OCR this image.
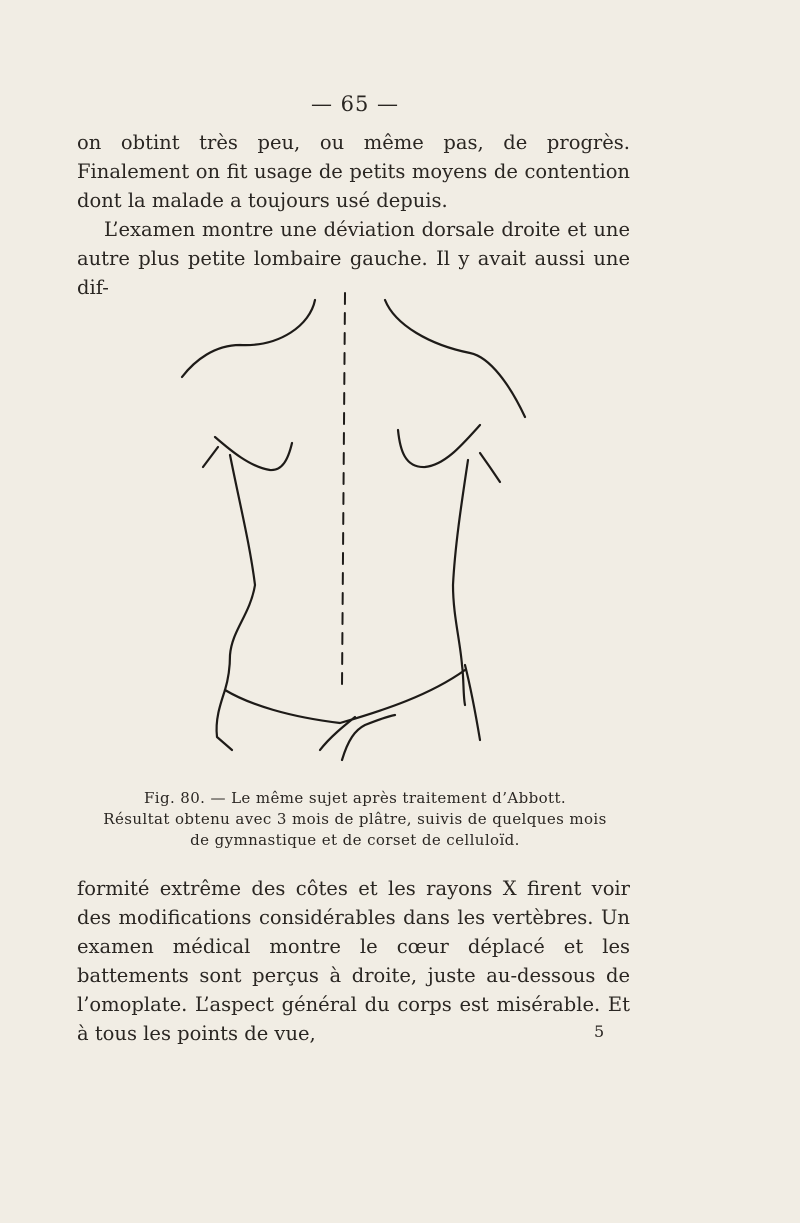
— 65 —

on obtint très peu, ou même pas, de progrès. Finalement on fit usage de petits moyens de contention dont la malade a toujours usé depuis.

L’examen montre une déviation dorsale droite et une autre plus petite lombaire gauche. Il y avait aussi une dif-

Fig. 80. — Le même sujet après traitement d’Abbott.
Résultat obtenu avec 3 mois de plâtre, suivis de quelques mois
de gymnastique et de corset de celluloïd.

formité extrême des côtes et les rayons X firent voir des modifications considérables dans les vertèbres. Un examen médical montre le cœur déplacé et les battements sont perçus à droite, juste au-dessous de l’omoplate. L’aspect général du corps est misérable. Et à tous les points de vue,	5
